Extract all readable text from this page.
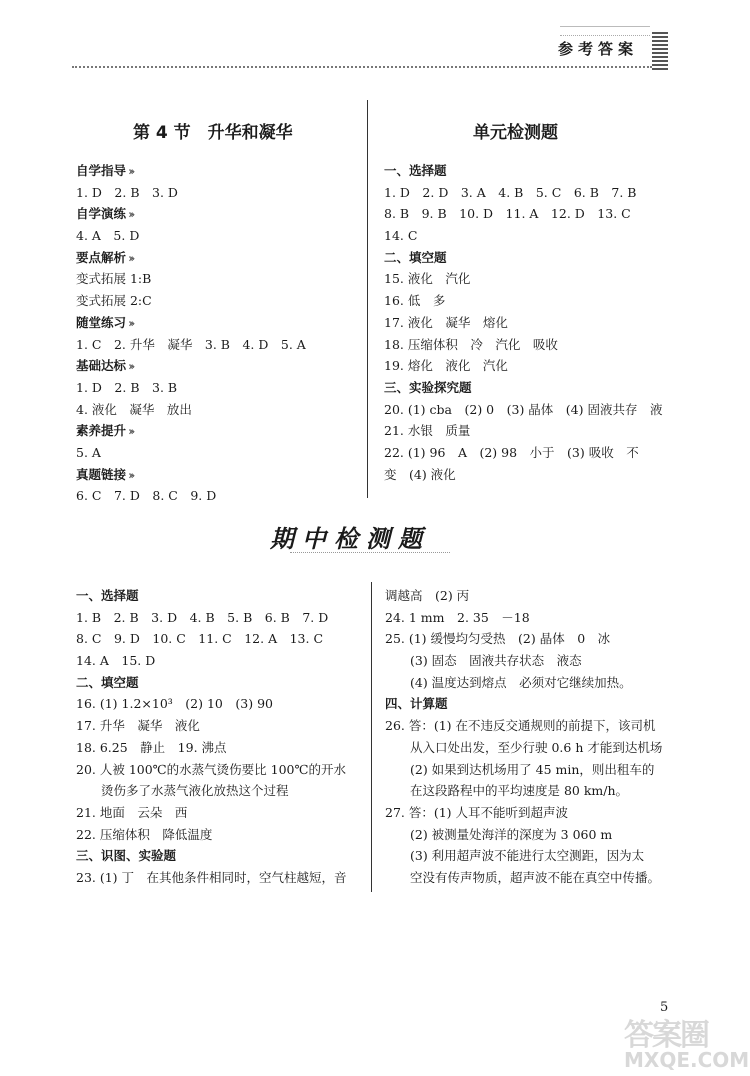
参考答案
第 4 节　升华和凝华	单元检测题
自学指导 ›››
1. D　2. B　3. D
自学演练 ›››
4. A　5. D
要点解析 ›››
变式拓展 1:B
变式拓展 2:C
随堂练习 ›››
1. C　2. 升华　凝华　3. B　4. D　5. A
基础达标 ›››
1. D　2. B　3. B
4. 液化　凝华　放出
素养提升 ›››
5. A
真题链接 ›››
6. C　7. D　8. C　9. D
一、选择题
1. D　2. D　3. A　4. B　5. C　6. B　7. B
8. B　9. B　10. D　11. A　12. D　13. C
14. C
二、填空题
15. 液化　汽化
16. 低　多
17. 液化　凝华　熔化
18. 压缩体积　冷　汽化　吸收
19. 熔化　液化　汽化
三、实验探究题
20. (1) cba　(2) 0　(3) 晶体　(4) 固液共存　液
21. 水银　质量
22. (1) 96　A　(2) 98　小于　(3) 吸收　不
变　(4) 液化
期中检测题
一、选择题
1. B　2. B　3. D　4. B　5. B　6. B　7. D
8. C　9. D　10. C　11. C　12. A　13. C
14. A　15. D
二、填空题
16. (1) 1.2×10³　(2) 10　(3) 90
17. 升华　凝华　液化
18. 6.25　静止　19. 沸点
20. 人被 100℃的水蒸气烫伤要比 100℃的开水
　　烫伤多了水蒸气液化放热这个过程
21. 地面　云朵　西
22. 压缩体积　降低温度
三、识图、实验题
23. (1) 丁　在其他条件相同时，空气柱越短，音
调越高　(2) 丙
24. 1 mm　2. 35　－18
25. (1) 缓慢均匀受热　(2) 晶体　0　冰
　　(3) 固态　固液共存状态　液态
　　(4) 温度达到熔点　必须对它继续加热。
四、计算题
26. 答：(1) 在不违反交通规则的前提下，该司机
　　从入口处出发，至少行驶 0.6 h 才能到达机场
　　(2) 如果到达机场用了 45 min，则出租车的
　　在这段路程中的平均速度是 80 km/h。
27. 答：(1) 人耳不能听到超声波
　　(2) 被测量处海洋的深度为 3 060 m
　　(3) 利用超声波不能进行太空测距，因为太
　　空没有传声物质，超声波不能在真空中传播。
5
答案圈
MXQE.COM
